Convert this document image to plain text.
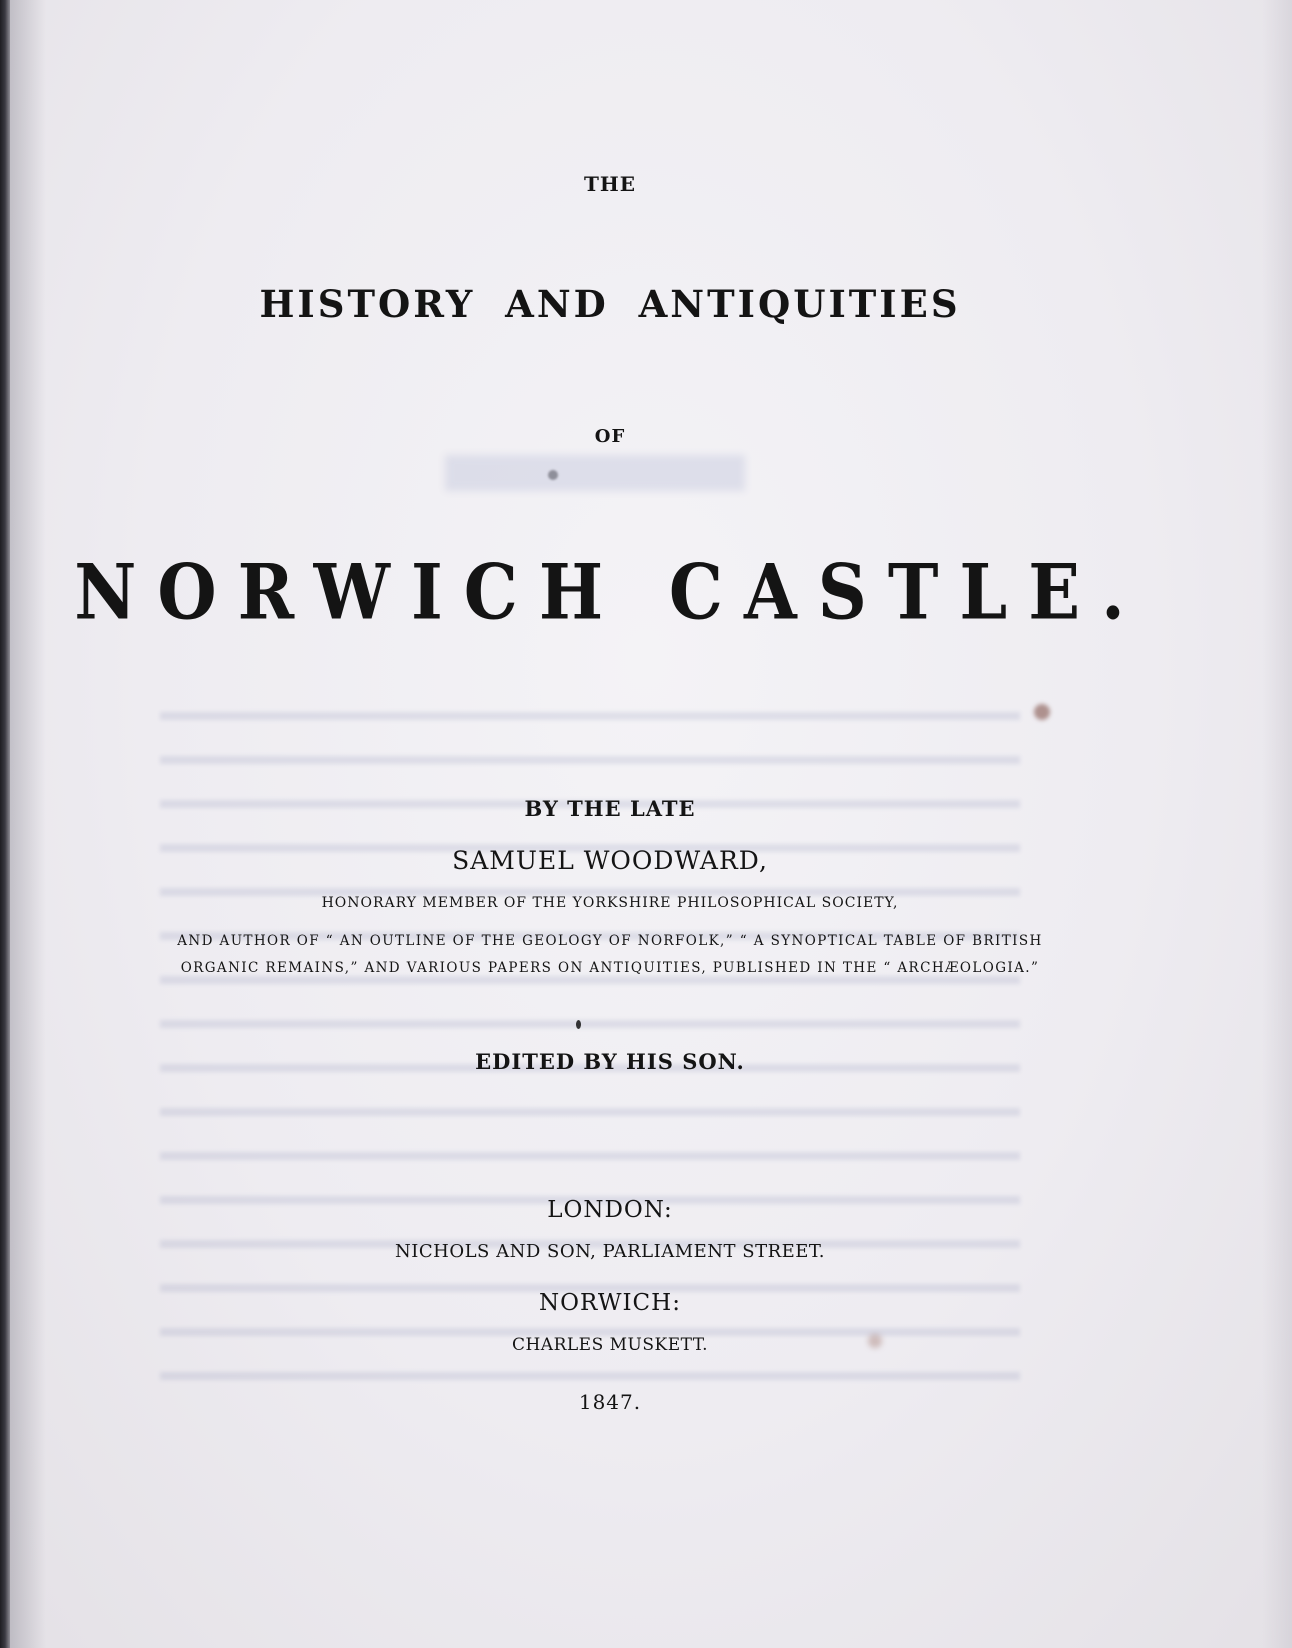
THE

HISTORY AND ANTIQUITIES

OF

NORWICH CASTLE.

BY THE LATE

SAMUEL WOODWARD,

HONORARY MEMBER OF THE YORKSHIRE PHILOSOPHICAL SOCIETY,

AND AUTHOR OF “ AN OUTLINE OF THE GEOLOGY OF NORFOLK,” “ A SYNOPTICAL TABLE OF BRITISH

ORGANIC REMAINS,” AND VARIOUS PAPERS ON ANTIQUITIES, PUBLISHED IN THE “ ARCHÆOLOGIA.”

EDITED BY HIS SON.

LONDON:

NICHOLS AND SON, PARLIAMENT STREET.

NORWICH:

CHARLES MUSKETT.

1847.
